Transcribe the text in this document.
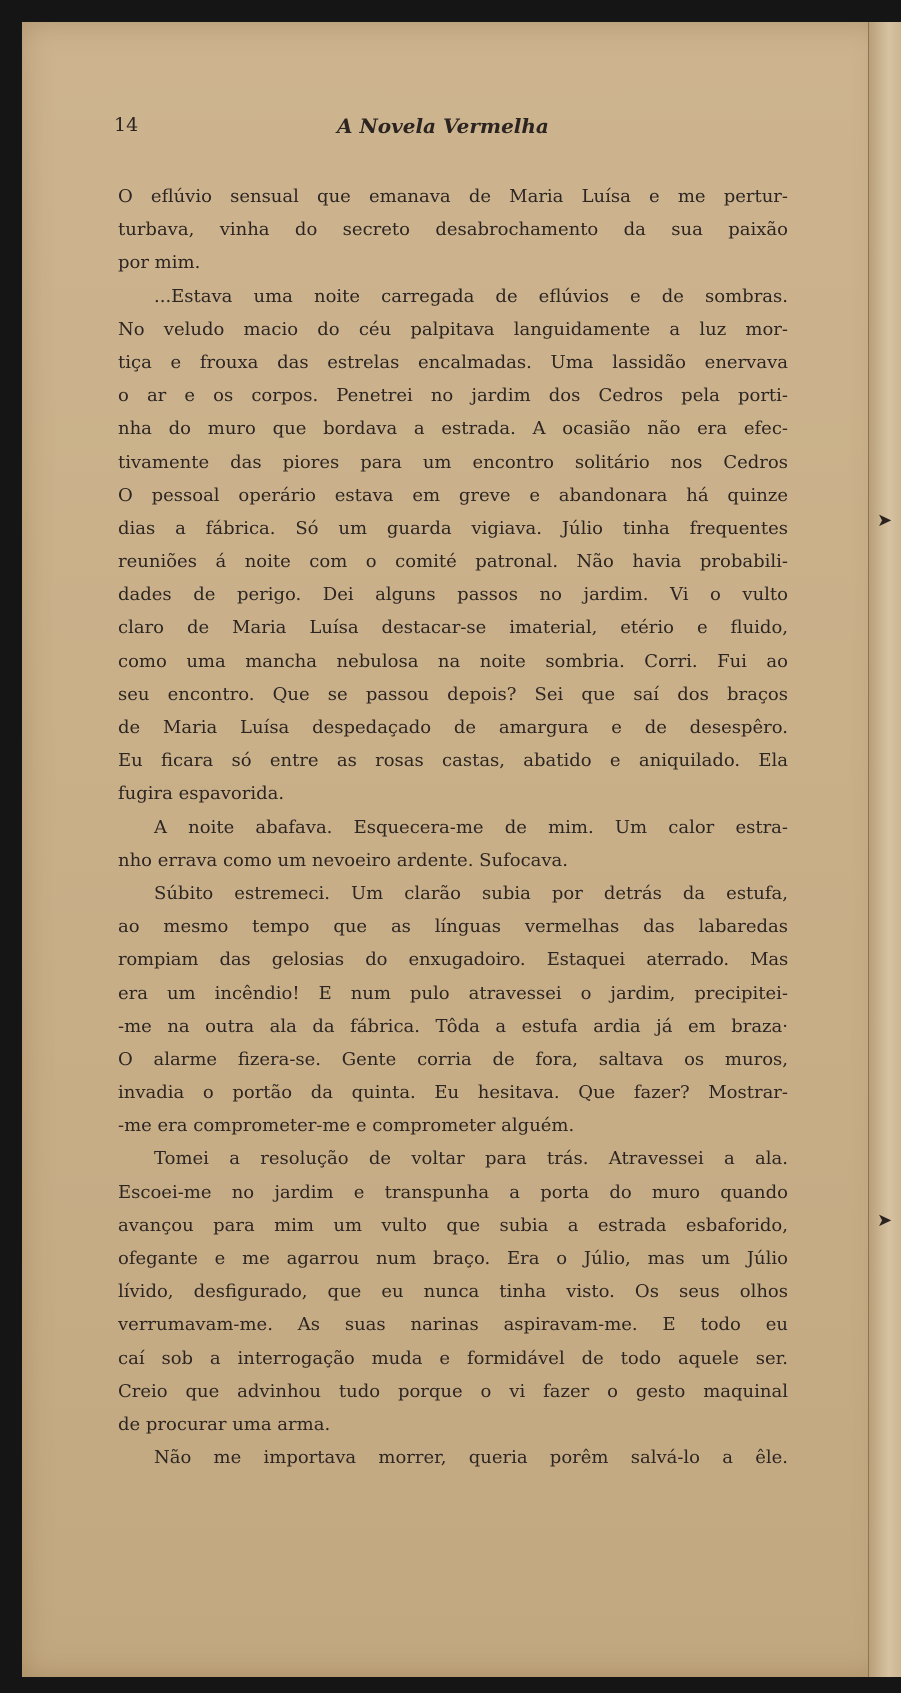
14	A Novela Vermelha
O eflúvio sensual que emanava de Maria Luísa e me pertur-
turbava, vinha do secreto desabrochamento da sua paixão
por mim.
...Estava uma noite carregada de eflúvios e de sombras.
No veludo macio do céu palpitava languidamente a luz mor-
tiça e frouxa das estrelas encalmadas. Uma lassidão enervava
o ar e os corpos. Penetrei no jardim dos Cedros pela porti-
nha do muro que bordava a estrada. A ocasião não era efec-
tivamente das piores para um encontro solitário nos Cedros
O pessoal operário estava em greve e abandonara há quinze
dias a fábrica. Só um guarda vigiava. Júlio tinha frequentes
reuniões á noite com o comité patronal. Não havia probabili-
dades de perigo. Dei alguns passos no jardim. Vi o vulto
claro de Maria Luísa destacar-se imaterial, etério e fluido,
como uma mancha nebulosa na noite sombria. Corri. Fui ao
seu encontro. Que se passou depois? Sei que saí dos braços
de Maria Luísa despedaçado de amargura e de desespêro.
Eu ficara só entre as rosas castas, abatido e aniquilado. Ela
fugira espavorida.
A noite abafava. Esquecera-me de mim. Um calor estra-
nho errava como um nevoeiro ardente. Sufocava.
Súbito estremeci. Um clarão subia por detrás da estufa,
ao mesmo tempo que as línguas vermelhas das labaredas
rompiam das gelosias do enxugadoiro. Estaquei aterrado. Mas
era um incêndio! E num pulo atravessei o jardim, precipitei-
-me na outra ala da fábrica. Tôda a estufa ardia já em braza·
O alarme fizera-se. Gente corria de fora, saltava os muros,
invadia o portão da quinta. Eu hesitava. Que fazer? Mostrar-
-me era comprometer-me e comprometer alguém.
Tomei a resolução de voltar para trás. Atravessei a ala.
Escoei-me no jardim e transpunha a porta do muro quando
avançou para mim um vulto que subia a estrada esbaforido,
ofegante e me agarrou num braço. Era o Júlio, mas um Júlio
lívido, desfigurado, que eu nunca tinha visto. Os seus olhos
verrumavam-me. As suas narinas aspiravam-me. E todo eu
caí sob a interrogação muda e formidável de todo aquele ser.
Creio que advinhou tudo porque o vi fazer o gesto maquinal
de procurar uma arma.
Não me importava morrer, queria porêm salvá-lo a êle.
➤
➤
